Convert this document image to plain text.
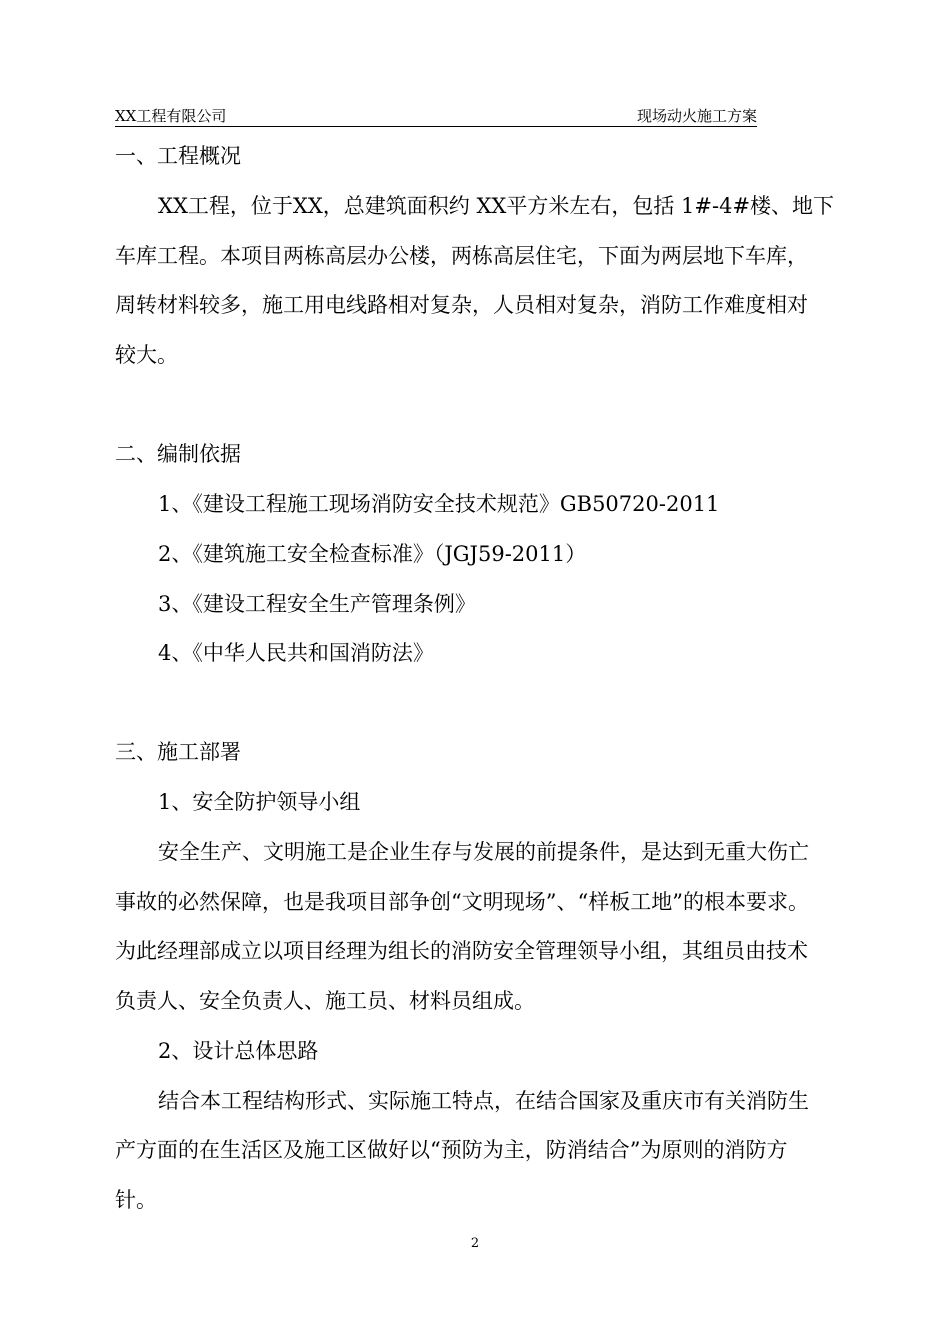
XX工程有限公司	现场动火施工方案
一、工程概况
XX工程，位于XX，总建筑面积约 XX平方米左右，包括 1#-4#楼、地下
车库工程。本项目两栋高层办公楼，两栋高层住宅，下面为两层地下车库，
周转材料较多，施工用电线路相对复杂，人员相对复杂，消防工作难度相对
较大。
二、编制依据
1、《建设工程施工现场消防安全技术规范》GB50720-2011
2、《建筑施工安全检查标准》（JGJ59-2011）
3、《建设工程安全生产管理条例》
4、《中华人民共和国消防法》
三、施工部署
1、安全防护领导小组
安全生产、文明施工是企业生存与发展的前提条件，是达到无重大伤亡
事故的必然保障，也是我项目部争创“文明现场”、“样板工地”的根本要求。
为此经理部成立以项目经理为组长的消防安全管理领导小组，其组员由技术
负责人、安全负责人、施工员、材料员组成。
2、设计总体思路
结合本工程结构形式、实际施工特点，在结合国家及重庆市有关消防生
产方面的在生活区及施工区做好以“预防为主，防消结合”为原则的消防方
针。
2
